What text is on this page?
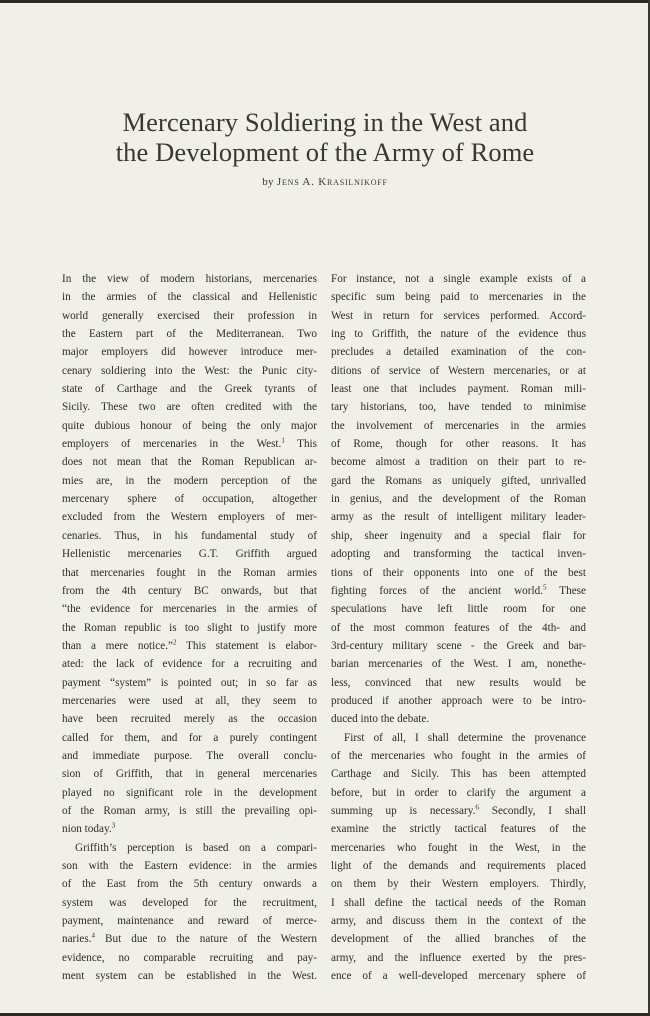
Mercenary Soldiering in the West and
the Development of the Army of Rome
by Jens A. Krasilnikoff
In the view of modern historians, mercenaries
in the armies of the classical and Hellenistic
world generally exercised their profession in
the Eastern part of the Mediterranean. Two
major employers did however introduce mer-
cenary soldiering into the West: the Punic city-
state of Carthage and the Greek tyrants of
Sicily. These two are often credited with the
quite dubious honour of being the only major
employers of mercenaries in the West.$^1$ This
does not mean that the Roman Republican ar-
mies are, in the modern perception of the
mercenary sphere of occupation, altogether
excluded from the Western employers of mer-
cenaries. Thus, in his fundamental study of
Hellenistic mercenaries G.T. Griffith argued
that mercenaries fought in the Roman armies
from the 4th century BC onwards, but that
“the evidence for mercenaries in the armies of
the Roman republic is too slight to justify more
than a mere notice.”$^2$ This statement is elabor-
ated: the lack of evidence for a recruiting and
payment “system” is pointed out; in so far as
mercenaries were used at all, they seem to
have been recruited merely as the occasion
called for them, and for a purely contingent
and immediate purpose. The overall conclu-
sion of Griffith, that in general mercenaries
played no significant role in the development
of the Roman army, is still the prevailing opi-
nion today.$^3$
Griffith’s perception is based on a compari-
son with the Eastern evidence: in the armies
of the East from the 5th century onwards a
system was developed for the recruitment,
payment, maintenance and reward of merce-
naries.$^4$ But due to the nature of the Western
evidence, no comparable recruiting and pay-
ment system can be established in the West.
For instance, not a single example exists of a
specific sum being paid to mercenaries in the
West in return for services performed. Accord-
ing to Griffith, the nature of the evidence thus
precludes a detailed examination of the con-
ditions of service of Western mercenaries, or at
least one that includes payment. Roman mili-
tary historians, too, have tended to minimise
the involvement of mercenaries in the armies
of Rome, though for other reasons. It has
become almost a tradition on their part to re-
gard the Romans as uniquely gifted, unrivalled
in genius, and the development of the Roman
army as the result of intelligent military leader-
ship, sheer ingenuity and a special flair for
adopting and transforming the tactical inven-
tions of their opponents into one of the best
fighting forces of the ancient world.$^5$ These
speculations have left little room for one
of the most common features of the 4th- and
3rd-century military scene - the Greek and bar-
barian mercenaries of the West. I am, nonethe-
less, convinced that new results would be
produced if another approach were to be intro-
duced into the debate.
First of all, I shall determine the provenance
of the mercenaries who fought in the armies of
Carthage and Sicily. This has been attempted
before, but in order to clarify the argument a
summing up is necessary.$^6$ Secondly, I shall
examine the strictly tactical features of the
mercenaries who fought in the West, in the
light of the demands and requirements placed
on them by their Western employers. Thirdly,
I shall define the tactical needs of the Roman
army, and discuss them in the context of the
development of the allied branches of the
army, and the influence exerted by the pres-
ence of a well-developed mercenary sphere of
